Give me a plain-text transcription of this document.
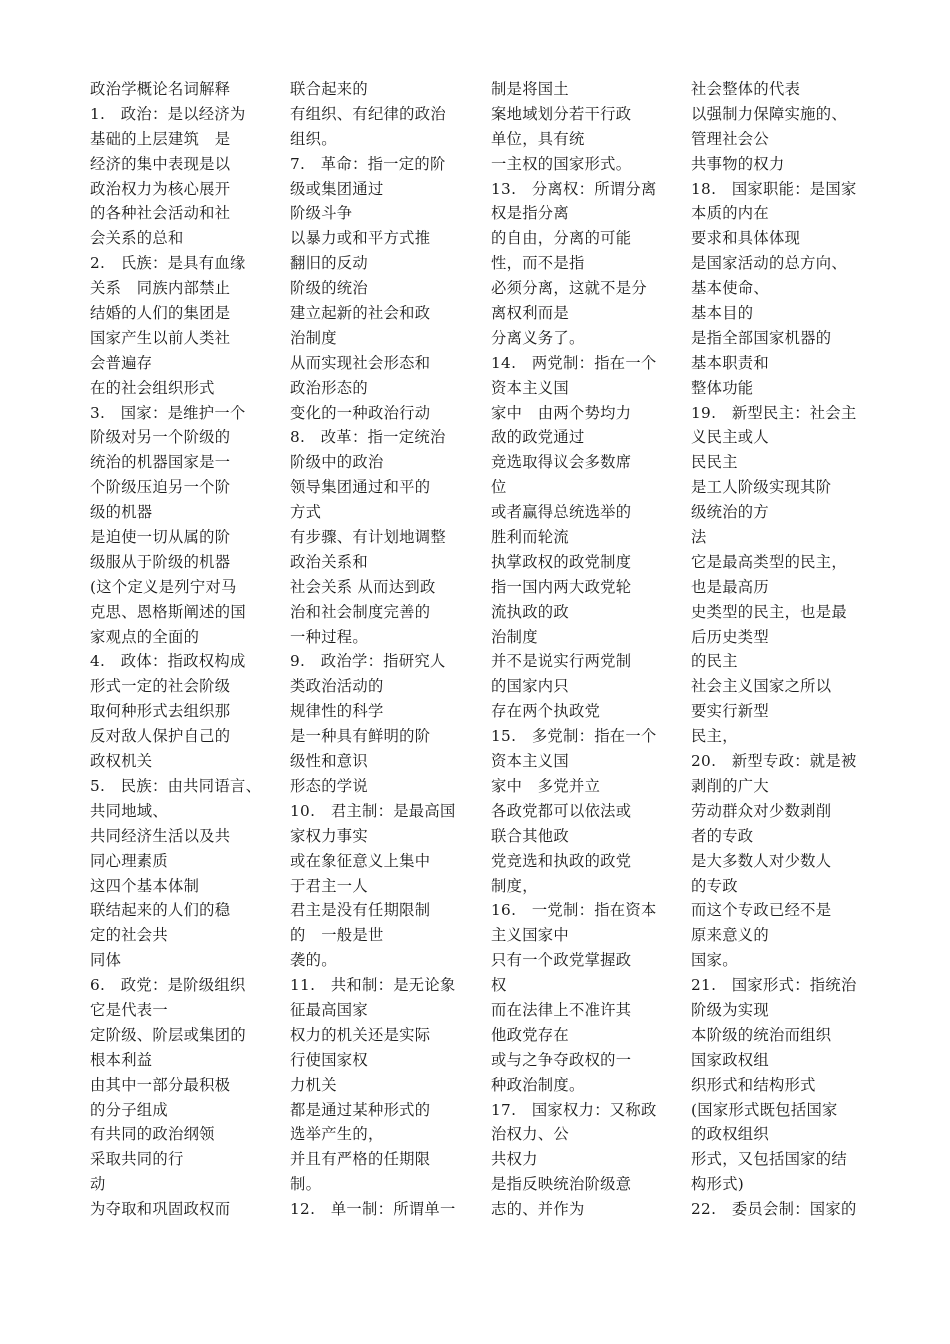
政治学概论名词解释
1.　政治：是以经济为
基础的上层建筑　是
经济的集中表现是以
政治权力为核心展开
的各种社会活动和社
会关系的总和
2.　氏族：是具有血缘
关系　同族内部禁止
结婚的人们的集团是
国家产生以前人类社
会普遍存
在的社会组织形式
3.　国家：是维护一个
阶级对另一个阶级的
统治的机器国家是一
个阶级压迫另一个阶
级的机器
是迫使一切从属的阶
级服从于阶级的机器
(这个定义是列宁对马
克思、恩格斯阐述的国
家观点的全面的
4.　政体：指政权构成
形式一定的社会阶级
取何种形式去组织那
反对敌人保护自己的
政权机关
5.　民族：由共同语言、
共同地域、
共同经济生活以及共
同心理素质
这四个基本体制
联结起来的人们的稳
定的社会共
同体
6.　政党：是阶级组织
它是代表一
定阶级、阶层或集团的
根本利益
由其中一部分最积极
的分子组成
有共同的政治纲领
采取共同的行
动
为夺取和巩固政权而
联合起来的
有组织、有纪律的政治
组织。
7.　革命：指一定的阶
级或集团通过
阶级斗争
以暴力或和平方式推
翻旧的反动
阶级的统治
建立起新的社会和政
治制度
从而实现社会形态和
政治形态的
变化的一种政治行动
8.　改革：指一定统治
阶级中的政治
领导集团通过和平的
方式
有步骤、有计划地调整
政治关系和
社会关系 从而达到政
治和社会制度完善的
一种过程。
9.　政治学：指研究人
类政治活动的
规律性的科学
是一种具有鲜明的阶
级性和意识
形态的学说
10.　君主制：是最高国
家权力事实
或在象征意义上集中
于君主一人
君主是没有任期限制
的　一般是世
袭的。
11.　共和制：是无论象
征最高国家
权力的机关还是实际
行使国家权
力机关
都是通过某种形式的
选举产生的，
并且有严格的任期限
制。
12.　单一制：所谓单一
制是将国土
案地域划分若干行政
单位，具有统
一主权的国家形式。
13.　分离权：所谓分离
权是指分离
的自由，分离的可能
性，而不是指
必须分离，这就不是分
离权利而是
分离义务了。
14.　两党制：指在一个
资本主义国
家中　由两个势均力
敌的政党通过
竞选取得议会多数席
位
或者赢得总统选举的
胜利而轮流
执掌政权的政党制度
指一国内两大政党轮
流执政的政
治制度
并不是说实行两党制
的国家内只
存在两个执政党
15.　多党制：指在一个
资本主义国
家中　多党并立
各政党都可以依法或
联合其他政
党竞选和执政的政党
制度，
16.　一党制：指在资本
主义国家中
只有一个政党掌握政
权
而在法律上不准许其
他政党存在
或与之争夺政权的一
种政治制度。
17.　国家权力：又称政
治权力、公
共权力
是指反映统治阶级意
志的、并作为
社会整体的代表
以强制力保障实施的、
管理社会公
共事物的权力
18.　国家职能：是国家
本质的内在
要求和具体体现
是国家活动的总方向、
基本使命、
基本目的
是指全部国家机器的
基本职责和
整体功能
19.　新型民主：社会主
义民主或人
民民主
是工人阶级实现其阶
级统治的方
法
它是最高类型的民主，
也是最高历
史类型的民主，也是最
后历史类型
的民主
社会主义国家之所以
要实行新型
民主，
20.　新型专政：就是被
剥削的广大
劳动群众对少数剥削
者的专政
是大多数人对少数人
的专政
而这个专政已经不是
原来意义的
国家。
21.　国家形式：指统治
阶级为实现
本阶级的统治而组织
国家政权组
织形式和结构形式
(国家形式既包括国家
的政权组织
形式，又包括国家的结
构形式)
22.　委员会制：国家的
